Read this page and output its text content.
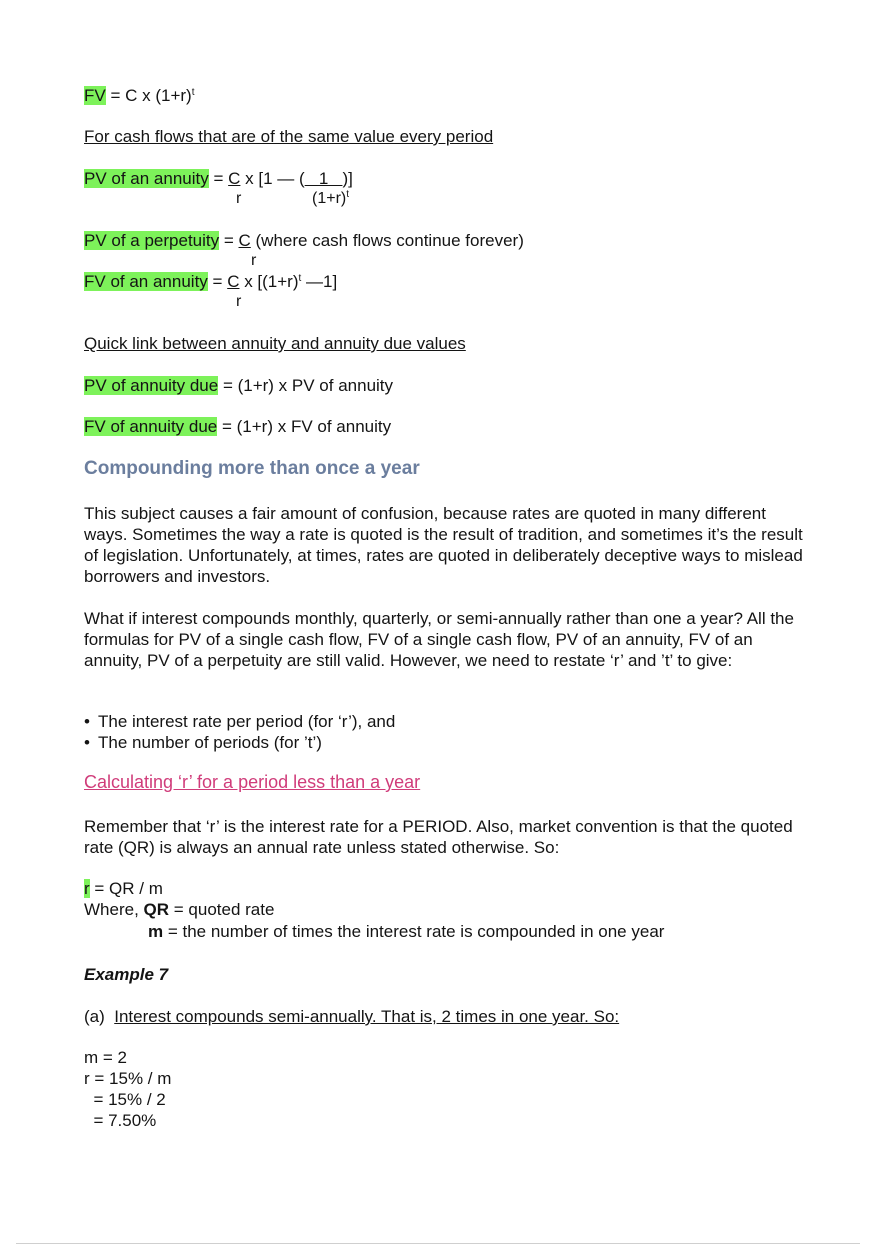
FV = C x $(1+r)^t$
For cash flows that are of the same value every period
PV of an annuity = C x [1 — (   1   )]
r	$(1+r)^t$
PV of a perpetuity = C (where cash flows continue forever)
r
FV of an annuity = C x [$(1+r)^t$ —1]
r
Quick link between annuity and annuity due values
PV of annuity due = (1+r) x PV of annuity
FV of annuity due = (1+r) x FV of annuity
Compounding more than once a year
This subject causes a fair amount of confusion, because rates are quoted in many different ways. Sometimes the way a rate is quoted is the result of tradition, and sometimes it’s the result of legislation. Unfortunately, at times, rates are quoted in deliberately deceptive ways to mislead borrowers and investors.
What if interest compounds monthly, quarterly, or semi-annually rather than one a year? All the formulas for PV of a single cash flow, FV of a single cash flow, PV of an annuity, FV of an annuity, PV of a perpetuity are still valid. However, we need to restate ‘r’ and ’t’ to give:
• The interest rate per period (for ‘r’), and
• The number of periods (for ’t’)
Calculating ‘r’ for a period less than a year
Remember that ‘r’ is the interest rate for a PERIOD. Also, market convention is that the quoted rate (QR) is always an annual rate unless stated otherwise. So:
r = QR / m
Where, QR = quoted rate
m = the number of times the interest rate is compounded in one year
Example 7
(a)  Interest compounds semi-annually. That is, 2 times in one year. So:
m = 2
r = 15% / m
= 15% / 2
= 7.50%
